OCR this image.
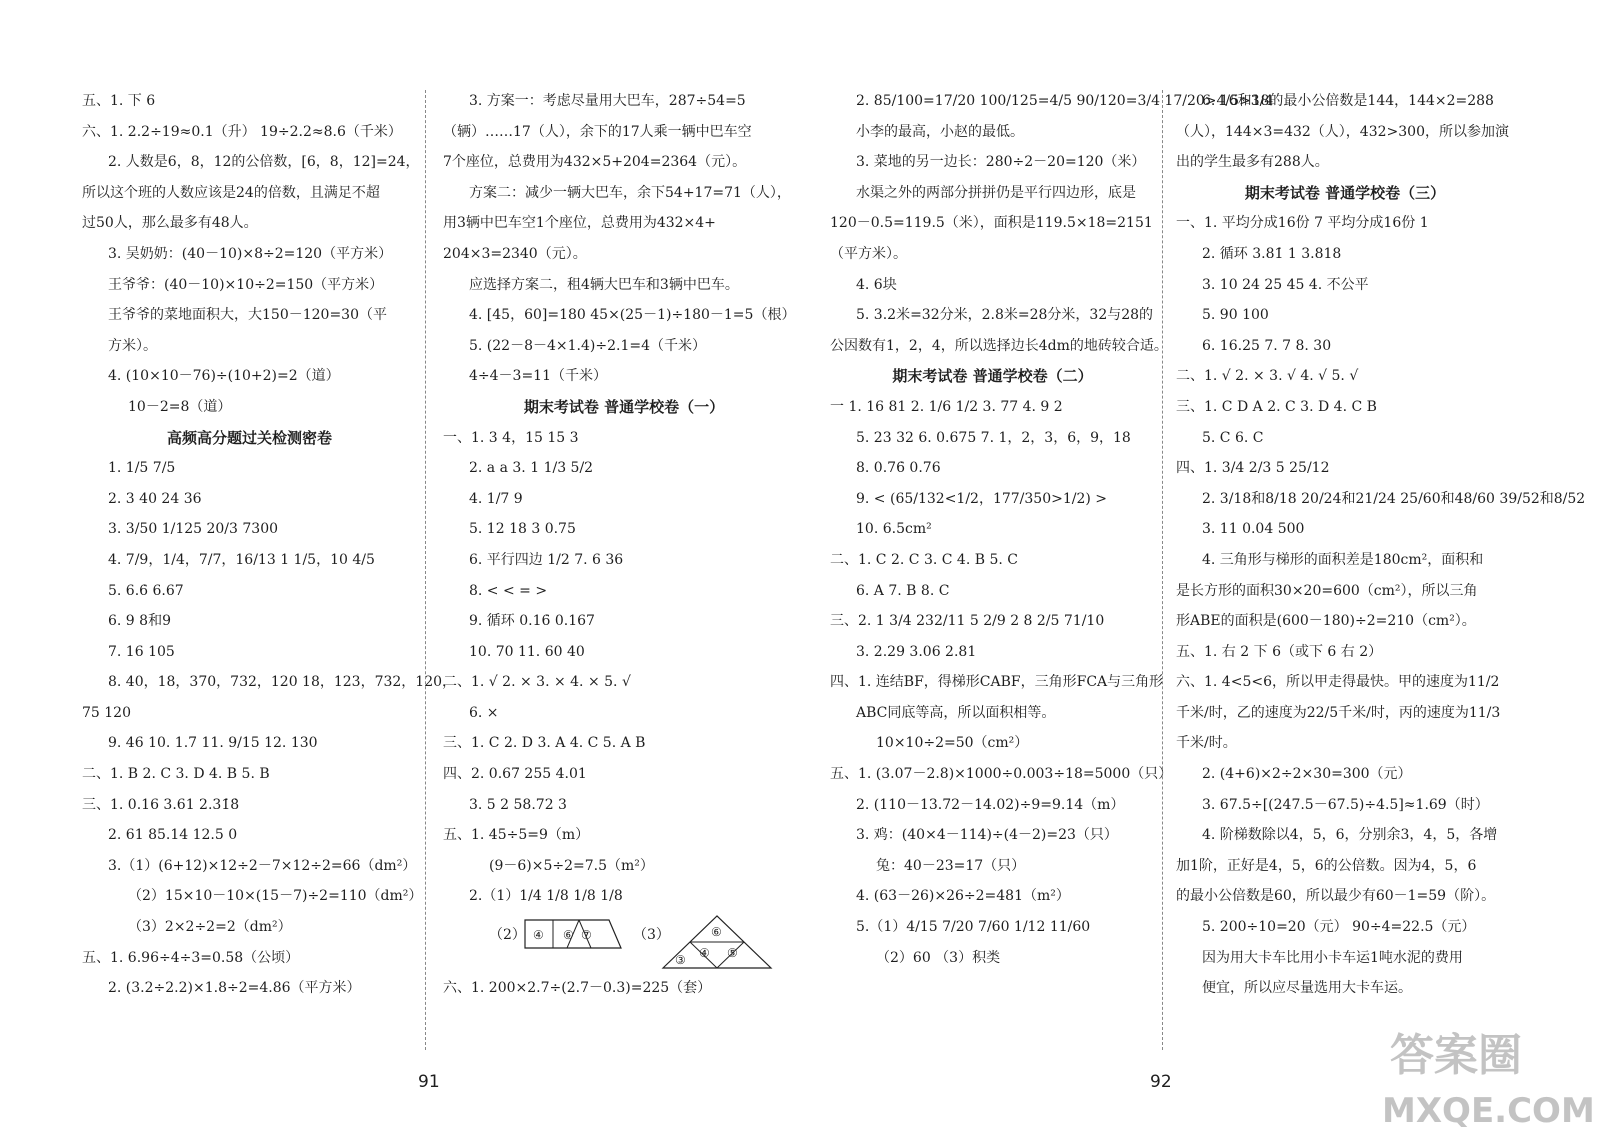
五、1. 下 6
六、1. 2.2÷19≈0.1（升） 19÷2.2≈8.6（千米）
2. 人数是6，8，12的公倍数，[6，8，12]=24，
所以这个班的人数应该是24的倍数，且满足不超
过50人，那么最多有48人。
3. 吴奶奶：(40－10)×8÷2=120（平方米）
王爷爷：(40－10)×10÷2=150（平方米）
王爷爷的菜地面积大，大150－120=30（平
方米）。
4. (10×10－76)÷(10+2)=2（道）
10－2=8（道）
高频高分题过关检测密卷
1. 1/5 7/5
2. 3 40 24 36
3. 3/50 1/125 20/3 7300
4. 7/9，1/4，7/7，16/13 1 1/5，10 4/5
5. 6.6̇ 6.67
6. 9 8和9
7. 16 105
8. 40，18，370，732，120 18，123，732，120，
75 120
9. 46 10. 1.7 11. 9/15 12. 130
二、1. B 2. C 3. D 4. B 5. B
三、1. 0.16 3.61 2.31̇8̇
2. 61 85.14 12.5 0
3.（1）(6+12)×12÷2－7×12÷2=66（dm²）
（2）15×10－10×(15－7)÷2=110（dm²）
（3）2×2÷2=2（dm²）
五、1. 6.96÷4÷3=0.58（公顷）
2. (3.2÷2.2)×1.8÷2=4.86（平方米）
3. 方案一：考虑尽量用大巴车，287÷54=5
（辆）……17（人），余下的17人乘一辆中巴车空
7个座位，总费用为432×5+204=2364（元）。
方案二：减少一辆大巴车，余下54+17=71（人），
用3辆中巴车空1个座位，总费用为432×4+
204×3=2340（元）。
应选择方案二，租4辆大巴车和3辆中巴车。
4. [45，60]=180 45×(25－1)÷180－1=5（根）
5. (22－8－4×1.4)÷2.1=4（千米）
4÷4－3=11（千米）
期末考试卷 普通学校卷（一）
一、1. 3 4，15 15 3
2. a a 3. 1 1/3 5/2
4. 1/7 9
5. 12 18 3 0.75
6. 平行四边 1/2 7. 6 36
8. < < = >
9. 循环 0.16̇ 0.167
10. 70 11. 60 40
二、1. √ 2. × 3. × 4. × 5. √
6. ×
三、1. C 2. D 3. A 4. C 5. A B
四、2. 0.67̇ 255 4.01
3. 5 2 58.72 3
五、1. 45÷5=9（m）
(9－6)×5÷2=7.5（m²）
2.（1）1/4 1/8 1/8 1/8
（2） ④ ⑥ ⑦	（3）	⑥
④ ⑤
③
六、1. 200×2.7÷(2.7－0.3)=225（套）
2. 85/100=17/20 100/125=4/5 90/120=3/4 17/20>4/5>3/4
小李的最高，小赵的最低。
3. 菜地的另一边长：280÷2－20=120（米）
水渠之外的两部分拼拼仍是平行四边形，底是
120－0.5=119.5（米），面积是119.5×18=2151
（平方米）。
4. 6块
5. 3.2米=32分米，2.8米=28分米，32与28的
公因数有1，2，4，所以选择边长4dm的地砖较合适。
期末考试卷 普通学校卷（二）
一 1. 16 81 2. 1/6 1/2 3. 77 4. 9 2
5. 23 32 6. 0.675 7. 1，2，3，6，9，18
8. 0.76̇ 0.76
9. < (65/132<1/2，177/350>1/2) >
10. 6.5cm²
二、1. C 2. C 3. C 4. B 5. C
6. A 7. B 8. C
三、2. 1 3/4 232/11 5 2/9 2 8 2/5 71/10
3. 2.29 3.06 2.81
四、1. 连结BF，得梯形CABF，三角形FCA与三角形
ABC同底等高，所以面积相等。
10×10÷2=50（cm²）
五、1. (3.07－2.8)×1000÷0.003÷18=5000（只）
2. (110－13.72－14.02)÷9=9.14（m）
3. 鸡：(40×4－114)÷(4－2)=23（只）
兔：40－23=17（只）
4. (63－26)×26÷2=481（m²）
5.（1）4/15 7/20 7/60 1/12 11/60
（2）60 （3）积类
6. 16和18的最小公倍数是144，144×2=288
（人），144×3=432（人），432>300，所以参加演
出的学生最多有288人。
期末考试卷 普通学校卷（三）
一、1. 平均分成16份 7 平均分成16份 1
2. 循环 3.81̇ 1 3.818
3. 10 24 25 45 4. 不公平
5. 90 100
6. 16.25 7. 7 8. 30
二、1. √ 2. × 3. √ 4. √ 5. √
三、1. C D A 2. C 3. D 4. C B
5. C 6. C
四、1. 3/4 2/3 5 25/12
2. 3/18和8/18 20/24和21/24 25/60和48/60 39/52和8/52
3. 11 0.04 500
4. 三角形与梯形的面积差是180cm²，面积和
是长方形的面积30×20=600（cm²），所以三角
形ABE的面积是(600－180)÷2=210（cm²）。
五、1. 右 2 下 6（或下 6 右 2）
六、1. 4<5<6，所以甲走得最快。甲的速度为11/2
千米/时，乙的速度为22/5千米/时，丙的速度为11/3
千米/时。
2. (4+6)×2÷2×30=300（元）
3. 67.5÷[(247.5－67.5)÷4.5]≈1.69（时）
4. 阶梯数除以4，5，6，分别余3，4，5，各增
加1阶，正好是4，5，6的公倍数。因为4，5，6
的最小公倍数是60，所以最少有60－1=59（阶）。
5. 200÷10=20（元） 90÷4=22.5（元）
因为用大卡车比用小卡车运1吨水泥的费用
便宜，所以应尽量选用大卡车运。
91	92
答案圈
MXQE.COM
